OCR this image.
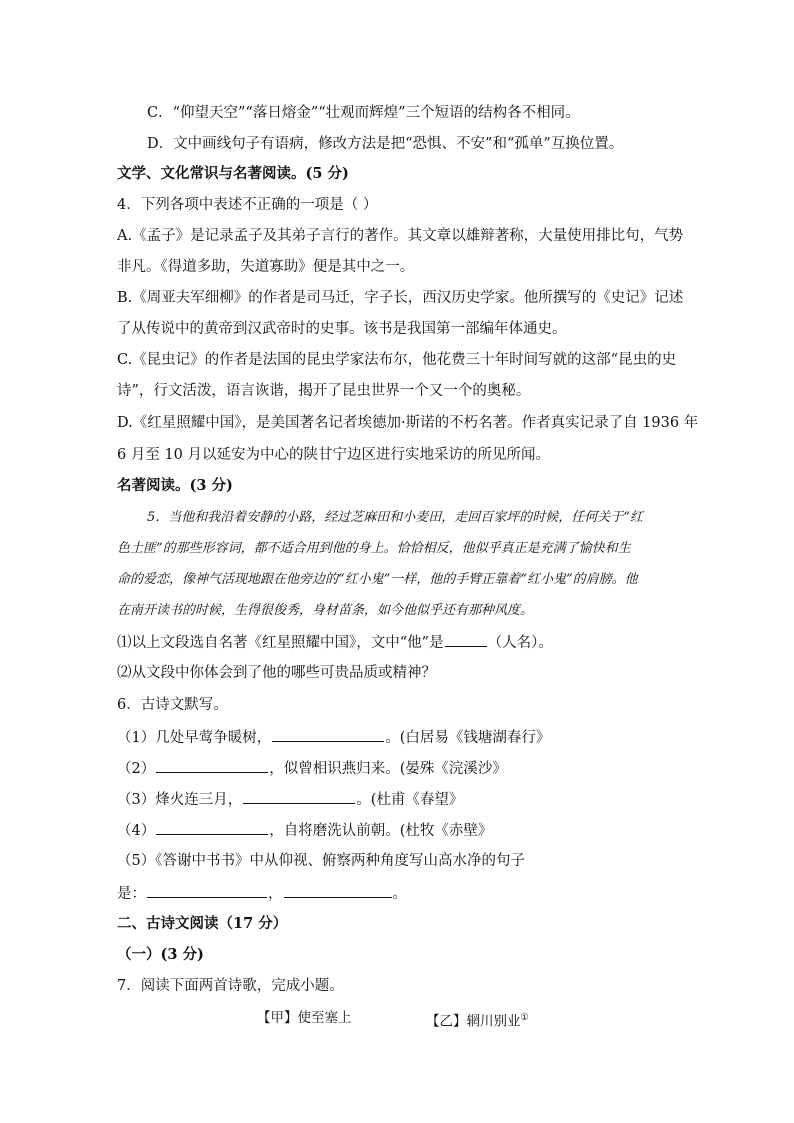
C．“仰望天空”“落日熔金”“壮观而辉煌”三个短语的结构各不相同。
D．文中画线句子有语病，修改方法是把“恐惧、不安”和“孤单”互换位置。
文学、文化常识与名著阅读。(5 分)
4．下列各项中表述不正确的一项是（ ）
A.《孟子》是记录孟子及其弟子言行的著作。其文章以雄辩著称，大量使用排比句，气势
非凡。《得道多助，失道寡助》便是其中之一。
B.《周亚夫军细柳》的作者是司马迁，字子长，西汉历史学家。他所撰写的《史记》记述
了从传说中的黄帝到汉武帝时的史事。该书是我国第一部编年体通史。
C.《昆虫记》的作者是法国的昆虫学家法布尔，他花费三十年时间写就的这部“昆虫的史
诗”，行文活泼，语言诙谐，揭开了昆虫世界一个又一个的奥秘。
D.《红星照耀中国》，是美国著名记者埃德加·斯诺的不朽名著。作者真实记录了自 1936 年
6 月至 10 月以延安为中心的陕甘宁边区进行实地采访的所见所闻。
名著阅读。(3 分)
5．当他和我沿着安静的小路，经过芝麻田和小麦田，走回百家坪的时候，任何关于“红
色土匪”的那些形容词，都不适合用到他的身上。恰恰相反，他似乎真正是充满了愉快和生
命的爱恋，像神气活现地跟在他旁边的“红小鬼”一样，他的手臂正靠着“红小鬼”的肩膀。他
在南开读书的时候，生得很俊秀，身材苗条，如今他似乎还有那种风度。
⑴以上文段选自名著《红星照耀中国》，文中“他”是	（人名）。
⑵从文段中你体会到了他的哪些可贵品质或精神？
6．古诗文默写。
（1）几处早莺争暖树，	。(白居易《钱塘湖春行》
（2）	，似曾相识燕归来。(晏殊《浣溪沙》
（3）烽火连三月，	。(杜甫《春望》
（4）	，自将磨洗认前朝。(杜牧《赤壁》
（5）《答谢中书书》中从仰视、俯察两种角度写山高水净的句子
是：	，	。
二、古诗文阅读（17 分）
（一）(3 分)
7．阅读下面两首诗歌，完成小题。
【甲】使至塞上	【乙】辋川别业①
